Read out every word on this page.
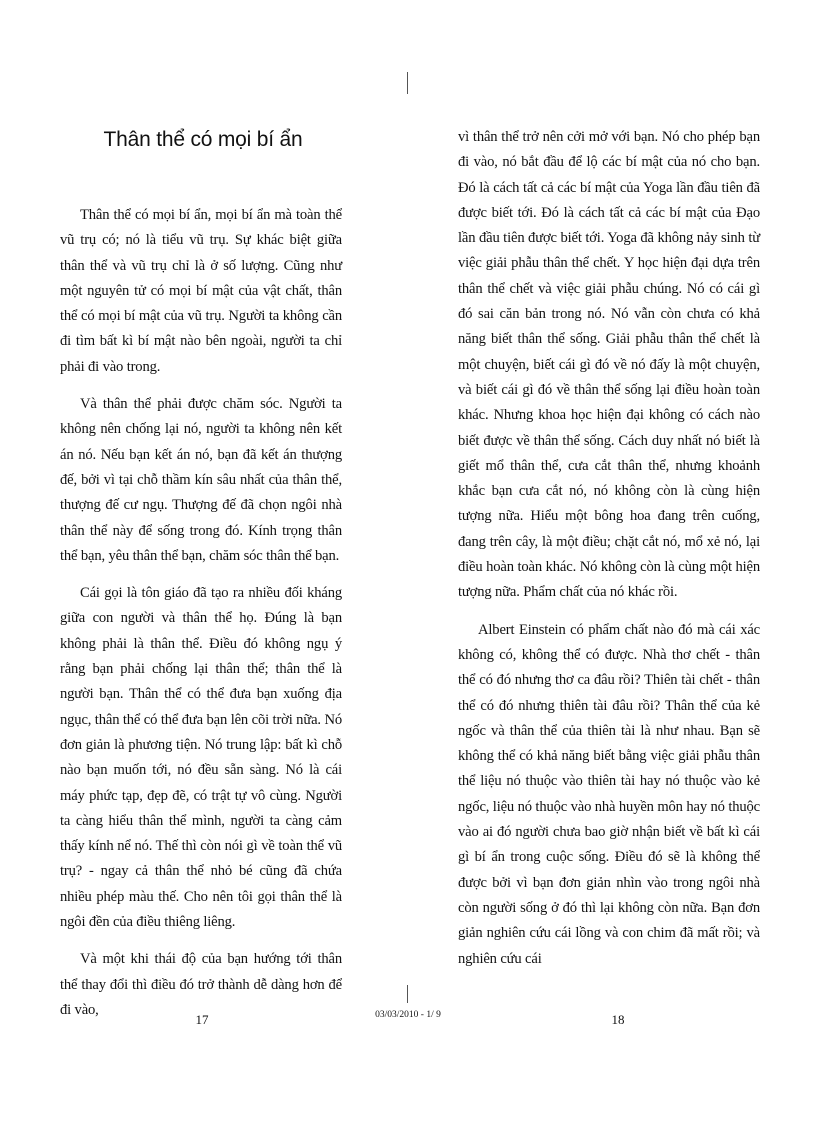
Thân thể có mọi bí ẩn

Thân thể có mọi bí ẩn, mọi bí ẩn mà toàn thể vũ trụ có; nó là tiểu vũ trụ. Sự khác biệt giữa thân thể và vũ trụ chỉ là ở số lượng. Cũng như một nguyên tử có mọi bí mật của vật chất, thân thể có mọi bí mật của vũ trụ. Người ta không cần đi tìm bất kì bí mật nào bên ngoài, người ta chỉ phải đi vào trong.

Và thân thể phải được chăm sóc. Người ta không nên chống lại nó, người ta không nên kết án nó. Nếu bạn kết án nó, bạn đã kết án thượng đế, bởi vì tại chỗ thầm kín sâu nhất của thân thể, thượng đế cư ngụ. Thượng đế đã chọn ngôi nhà thân thể này để sống trong đó. Kính trọng thân thể bạn, yêu thân thể bạn, chăm sóc thân thể bạn.

Cái gọi là tôn giáo đã tạo ra nhiều đối kháng giữa con người và thân thể họ. Đúng là bạn không phải là thân thể. Điều đó không ngụ ý rằng bạn phải chống lại thân thể; thân thể là người bạn. Thân thể có thể đưa bạn xuống địa ngục, thân thể có thể đưa bạn lên cõi trời nữa. Nó đơn giản là phương tiện. Nó trung lập: bất kì chỗ nào bạn muốn tới, nó đều sẵn sàng. Nó là cái máy phức tạp, đẹp đẽ, có trật tự vô cùng. Người ta càng hiểu thân thể mình, người ta càng cảm thấy kính nể nó. Thế thì còn nói gì về toàn thể vũ trụ? - ngay cả thân thể nhỏ bé cũng đã chứa nhiều phép màu thế. Cho nên tôi gọi thân thể là ngôi đền của điều thiêng liêng.

Và một khi thái độ của bạn hướng tới thân thể thay đổi thì điều đó trở thành dễ dàng hơn để đi vào,

vì thân thể trở nên cởi mở với bạn. Nó cho phép bạn đi vào, nó bắt đầu để lộ các bí mật của nó cho bạn. Đó là cách tất cả các bí mật của Yoga lần đầu tiên đã được biết tới. Đó là cách tất cả các bí mật của Đạo lần đầu tiên được biết tới. Yoga đã không nảy sinh từ việc giải phẫu thân thể chết. Y học hiện đại dựa trên thân thể chết và việc giải phẫu chúng. Nó có cái gì đó sai căn bản trong nó. Nó vẫn còn chưa có khả năng biết thân thể sống. Giải phẫu thân thể chết là một chuyện, biết cái gì đó về nó đấy là một chuyện, và biết cái gì đó về thân thể sống lại điều hoàn toàn khác. Nhưng khoa học hiện đại không có cách nào biết được về thân thể sống. Cách duy nhất nó biết là giết mổ thân thể, cưa cắt thân thể, nhưng khoảnh khắc bạn cưa cắt nó, nó không còn là cùng hiện tượng nữa. Hiểu một bông hoa đang trên cuống, đang trên cây, là một điều; chặt cắt nó, mổ xẻ nó, lại điều hoàn toàn khác. Nó không còn là cùng một hiện tượng nữa. Phẩm chất của nó khác rồi.

Albert Einstein có phẩm chất nào đó mà cái xác không có, không thể có được. Nhà thơ chết - thân thể có đó nhưng thơ ca đâu rồi? Thiên tài chết - thân thể có đó nhưng thiên tài đâu rồi? Thân thể của kẻ ngốc và thân thể của thiên tài là như nhau. Bạn sẽ không thể có khả năng biết bằng việc giải phẫu thân thể liệu nó thuộc vào thiên tài hay nó thuộc vào kẻ ngốc, liệu nó thuộc vào nhà huyền môn hay nó thuộc vào ai đó người chưa bao giờ nhận biết về bất kì cái gì bí ẩn trong cuộc sống. Điều đó sẽ là không thể được bởi vì bạn đơn giản nhìn vào trong ngôi nhà còn người sống ở đó thì lại không còn nữa. Bạn đơn giản nghiên cứu cái lồng và con chim đã mất rồi; và nghiên cứu cái

17	03/03/2010 - 1/ 9	18
